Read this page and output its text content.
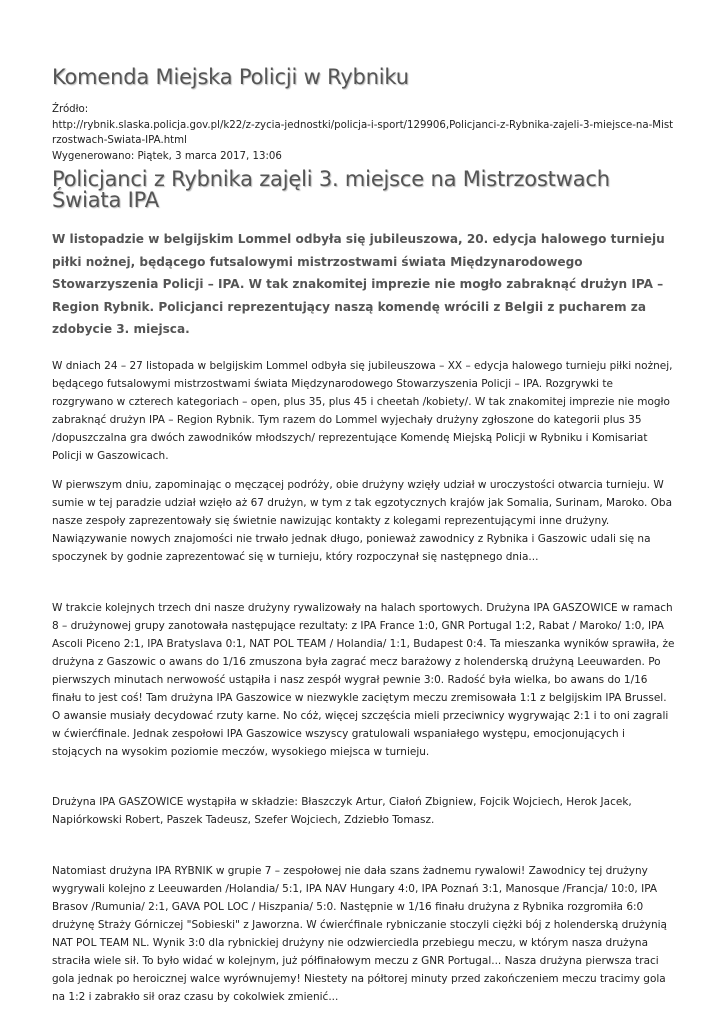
Komenda Miejska Policji w Rybniku
Źródło:
http://rybnik.slaska.policja.gov.pl/k22/z-zycia-jednostki/policja-i-sport/129906,Policjanci-z-Rybnika-zajeli-3-miejsce-na-Mistrzostwach-Swiata-IPA.html
Wygenerowano: Piątek, 3 marca 2017, 13:06
Policjanci z Rybnika zajęli 3. miejsce na Mistrzostwach Świata IPA

W listopadzie w belgijskim Lommel odbyła się jubileuszowa, 20. edycja halowego turnieju piłki nożnej, będącego futsalowymi mistrzostwami świata Międzynarodowego Stowarzyszenia Policji – IPA. W tak znakomitej imprezie nie mogło zabraknąć drużyn IPA – Region Rybnik. Policjanci reprezentujący naszą komendę wrócili z Belgii z pucharem za zdobycie 3. miejsca.

W dniach 24 – 27 listopada w belgijskim Lommel odbyła się jubileuszowa – XX – edycja halowego turnieju piłki nożnej, będącego futsalowymi mistrzostwami świata Międzynarodowego Stowarzyszenia Policji – IPA. Rozgrywki te rozgrywano w czterech kategoriach – open, plus 35, plus 45 i cheetah /kobiety/. W tak znakomitej imprezie nie mogło zabraknąć drużyn IPA – Region Rybnik. Tym razem do Lommel wyjechały drużyny zgłoszone do kategorii plus 35 /dopuszczalna gra dwóch zawodników młodszych/ reprezentujące Komendę Miejską Policji w Rybniku i Komisariat Policji w Gaszowicach.

W pierwszym dniu, zapominając o męczącej podróży, obie drużyny wzięły udział w uroczystości otwarcia turnieju. W sumie w tej paradzie udział wzięło aż 67 drużyn, w tym z tak egzotycznych krajów jak Somalia, Surinam, Maroko. Oba nasze zespoły zaprezentowały się świetnie nawizując kontakty z kolegami reprezentującymi inne drużyny. Nawiązywanie nowych znajomości nie trwało jednak długo, ponieważ zawodnicy z Rybnika i Gaszowic udali się na spoczynek by godnie zaprezentować się w turnieju, który rozpoczynał się następnego dnia...

W trakcie kolejnych trzech dni nasze drużyny rywalizowały na halach sportowych. Drużyna IPA GASZOWICE w ramach 8 – drużynowej grupy zanotowała następujące rezultaty: z IPA France 1:0, GNR Portugal 1:2, Rabat / Maroko/ 1:0, IPA Ascoli Piceno 2:1, IPA Bratyslava 0:1, NAT POL TEAM / Holandia/ 1:1, Budapest 0:4. Ta mieszanka wyników sprawiła, że drużyna z Gaszowic o awans do 1/16 zmuszona była zagrać mecz barażowy z holenderską drużyną Leeuwarden. Po pierwszych minutach nerwowość ustąpiła i nasz zespół wygrał pewnie 3:0. Radość była wielka, bo awans do 1/16 finału to jest coś! Tam drużyna IPA Gaszowice w niezwykle zaciętym meczu zremisowała 1:1 z belgijskim IPA Brussel. O awansie musiały decydować rzuty karne. No cóż, więcej szczęścia mieli przeciwnicy wygrywając 2:1 i to oni zagrali w ćwierćfinale. Jednak zespołowi IPA Gaszowice wszyscy gratulowali wspaniałego występu, emocjonujących i stojących na wysokim poziomie meczów, wysokiego miejsca w turnieju.

Drużyna IPA GASZOWICE wystąpiła w składzie: Błaszczyk Artur, Ciałoń Zbigniew, Fojcik Wojciech, Herok Jacek, Napiórkowski Robert, Paszek Tadeusz, Szefer Wojciech, Zdziebło Tomasz.

Natomiast drużyna IPA RYBNIK w grupie 7 – zespołowej nie dała szans żadnemu rywalowi! Zawodnicy tej drużyny wygrywali kolejno z Leeuwarden /Holandia/ 5:1, IPA NAV Hungary 4:0, IPA Poznań 3:1, Manosque /Francja/ 10:0, IPA Brasov /Rumunia/ 2:1, GAVA POL LOC / Hiszpania/ 5:0. Następnie w 1/16 finału drużyna z Rybnika rozgromiła 6:0 drużynę Straży Górniczej "Sobieski" z Jaworzna. W ćwierćfinale rybniczanie stoczyli ciężki bój z holenderską drużynią NAT POL TEAM NL. Wynik 3:0 dla rybnickiej drużyny nie odzwierciedla przebiegu meczu, w którym nasza drużyna straciła wiele sił. To było widać w kolejnym, już półfinałowym meczu z GNR Portugal... Nasza drużyna pierwsza traci gola jednak po heroicznej walce wyrównujemy! Niestety na półtorej minuty przed zakończeniem meczu tracimy gola na 1:2 i zabrakło sił oraz czasu by cokolwiek zmienić...
